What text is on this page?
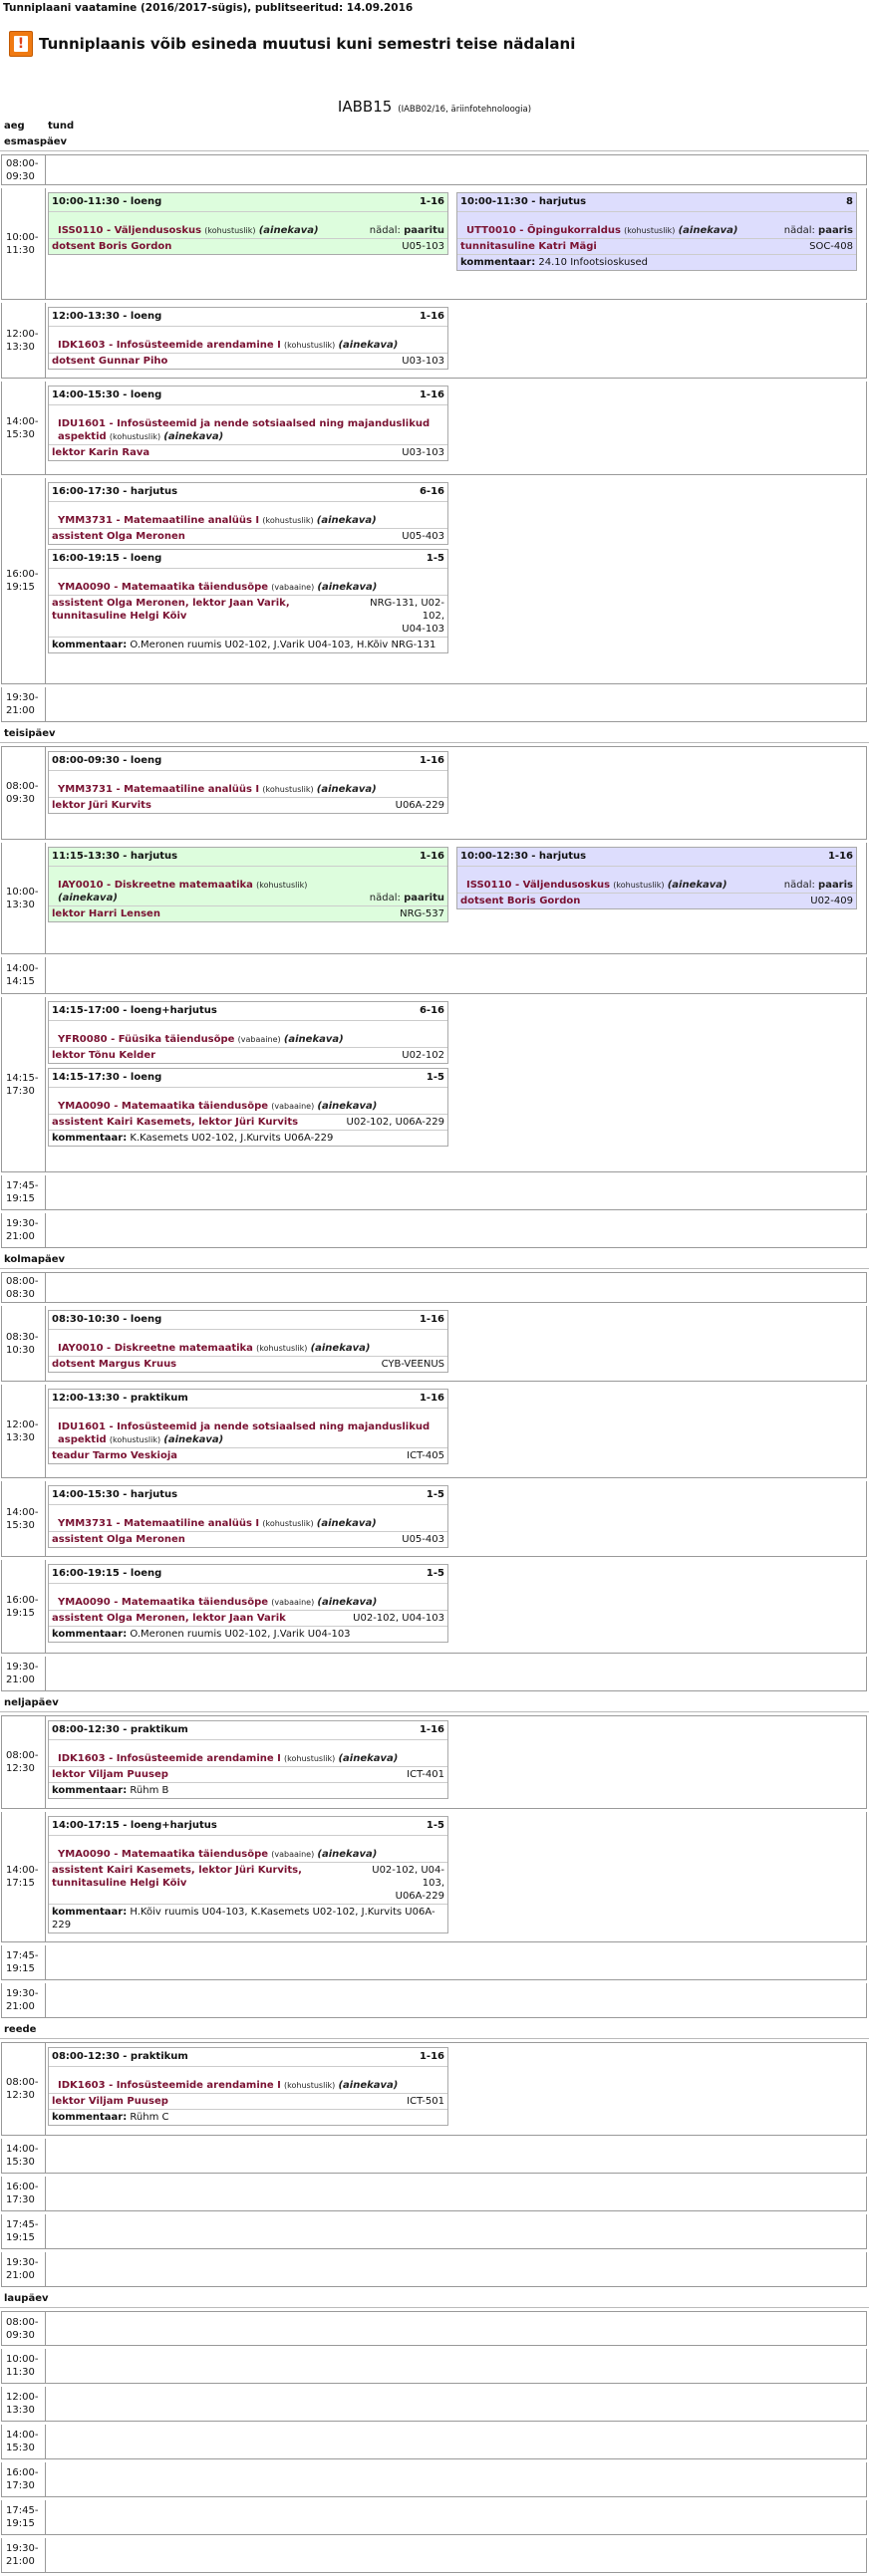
Tunniplaani vaatamine (2016/2017-sügis), publitseeritud: 14.09.2016
! Tunniplaanis võib esineda muutusi kuni semestri teise nädalani
IABB15 (IABB02/16, äriinfotehnoloogia)
aeg	tund
esmaspäev
08:00-
09:30
10:00-
11:30
10:00-11:30 - loeng	1-16
ISS0110 - Väljendusoskus (kohustuslik) (ainekava)	nädal: paaritu
dotsent Boris Gordon	U05-103
10:00-11:30 - harjutus	8
UTT0010 - Õpingukorraldus (kohustuslik) (ainekava)	nädal: paaris
tunnitasuline Katri Mägi	SOC-408
kommentaar: 24.10 Infootsioskused
12:00-
13:30
12:00-13:30 - loeng	1-16
IDK1603 - Infosüsteemide arendamine I (kohustuslik) (ainekava)
dotsent Gunnar Piho	U03-103
14:00-
15:30
14:00-15:30 - loeng	1-16
IDU1601 - Infosüsteemid ja nende sotsiaalsed ning majanduslikud aspektid (kohustuslik) (ainekava)
lektor Karin Rava	U03-103
16:00-
19:15
16:00-17:30 - harjutus	6-16
YMM3731 - Matemaatiline analüüs I (kohustuslik) (ainekava)
assistent Olga Meronen	U05-403
16:00-19:15 - loeng	1-5
YMA0090 - Matemaatika täiendusõpe (vabaaine) (ainekava)
assistent Olga Meronen, lektor Jaan Varik, tunnitasuline Helgi Kõiv
NRG-131, U02-102,
U04-103
kommentaar: O.Meronen ruumis U02-102, J.Varik U04-103, H.Kõiv NRG-131
19:30-
21:00
teisipäev
08:00-
09:30
08:00-09:30 - loeng	1-16
YMM3731 - Matemaatiline analüüs I (kohustuslik) (ainekava)
lektor Jüri Kurvits	U06A-229
10:00-
13:30
11:15-13:30 - harjutus	1-16
IAY0010 - Diskreetne matemaatika (kohustuslik) (ainekava)	nädal: paaritu
lektor Harri Lensen	NRG-537
10:00-12:30 - harjutus	1-16
ISS0110 - Väljendusoskus (kohustuslik) (ainekava)	nädal: paaris
dotsent Boris Gordon	U02-409
14:00-
14:15
14:15-
17:30
14:15-17:00 - loeng+harjutus	6-16
YFR0080 - Füüsika täiendusõpe (vabaaine) (ainekava)
lektor Tõnu Kelder	U02-102
14:15-17:30 - loeng	1-5
YMA0090 - Matemaatika täiendusõpe (vabaaine) (ainekava)
assistent Kairi Kasemets, lektor Jüri Kurvits	U02-102, U06A-229
kommentaar: K.Kasemets U02-102, J.Kurvits U06A-229
17:45-
19:15
19:30-
21:00
kolmapäev
08:00-
08:30
08:30-
10:30
08:30-10:30 - loeng	1-16
IAY0010 - Diskreetne matemaatika (kohustuslik) (ainekava)
dotsent Margus Kruus	CYB-VEENUS
12:00-
13:30
12:00-13:30 - praktikum	1-16
IDU1601 - Infosüsteemid ja nende sotsiaalsed ning majanduslikud aspektid (kohustuslik) (ainekava)
teadur Tarmo Veskioja	ICT-405
14:00-
15:30
14:00-15:30 - harjutus	1-5
YMM3731 - Matemaatiline analüüs I (kohustuslik) (ainekava)
assistent Olga Meronen	U05-403
16:00-
19:15
16:00-19:15 - loeng	1-5
YMA0090 - Matemaatika täiendusõpe (vabaaine) (ainekava)
assistent Olga Meronen, lektor Jaan Varik	U02-102, U04-103
kommentaar: O.Meronen ruumis U02-102, J.Varik U04-103
19:30-
21:00
neljapäev
08:00-
12:30
08:00-12:30 - praktikum	1-16
IDK1603 - Infosüsteemide arendamine I (kohustuslik) (ainekava)
lektor Viljam Puusep	ICT-401
kommentaar: Rühm B
14:00-
17:15
14:00-17:15 - loeng+harjutus	1-5
YMA0090 - Matemaatika täiendusõpe (vabaaine) (ainekava)
assistent Kairi Kasemets, lektor Jüri Kurvits, tunnitasuline Helgi Kõiv
U02-102, U04-103,
U06A-229
kommentaar: H.Kõiv ruumis U04-103, K.Kasemets U02-102, J.Kurvits U06A-229
17:45-
19:15
19:30-
21:00
reede
08:00-
12:30
08:00-12:30 - praktikum	1-16
IDK1603 - Infosüsteemide arendamine I (kohustuslik) (ainekava)
lektor Viljam Puusep	ICT-501
kommentaar: Rühm C
14:00-
15:30
16:00-
17:30
17:45-
19:15
19:30-
21:00
laupäev
08:00-
09:30
10:00-
11:30
12:00-
13:30
14:00-
15:30
16:00-
17:30
17:45-
19:15
19:30-
21:00
